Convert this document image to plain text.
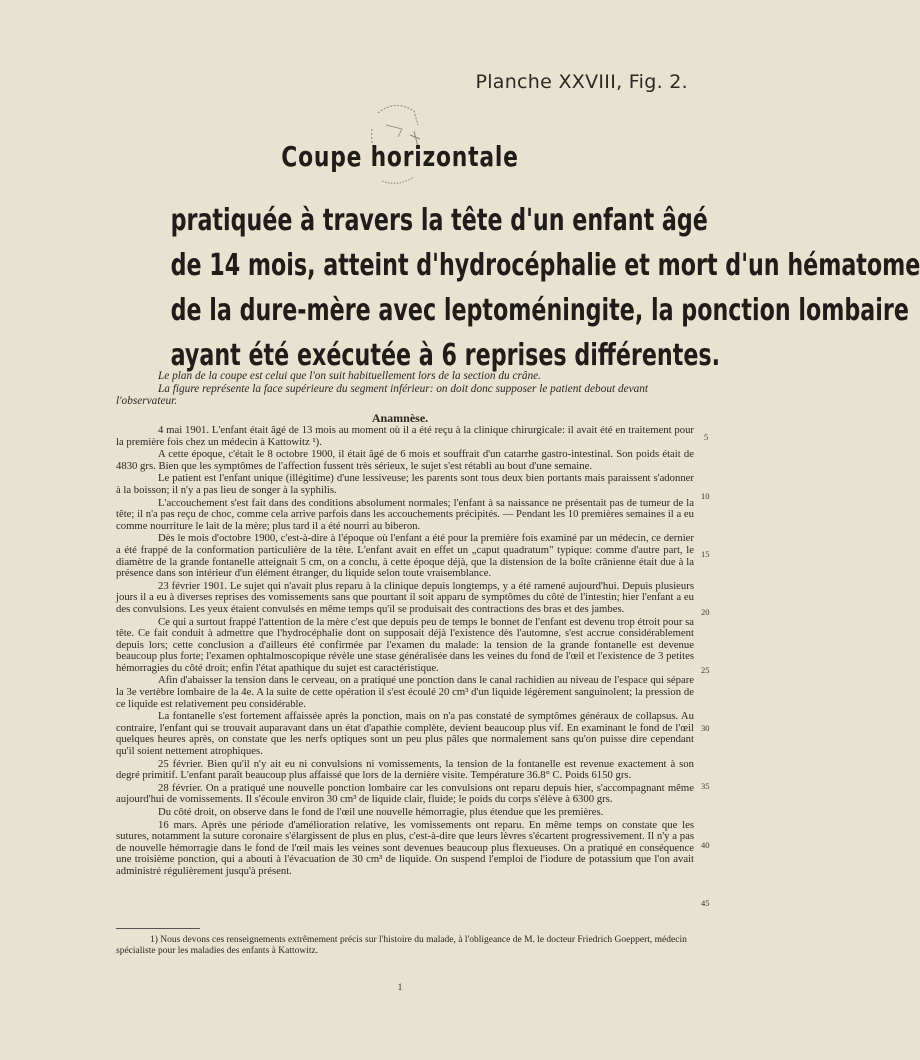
Planche XXVIII, Fig. 2.
Coupe horizontale
pratiquée à travers la tête d'un enfant âgé
de 14 mois, atteint d'hydrocéphalie et mort d'un hématome
de la dure-mère avec leptoméningite, la ponction lombaire
ayant été exécutée à 6 reprises différentes.

Le plan de la coupe est celui que l'on suit habituellement lors de la section du crâne.

La figure représente la face supérieure du segment inférieur: on doit donc supposer le patient debout devant l'observateur.

Anamnèse.

4 mai 1901. L'enfant était âgé de 13 mois au moment où il a été reçu à la clinique chirurgicale: il avait été en traitement pour la première fois chez un médecin à Kattowitz ¹).

A cette époque, c'était le 8 octobre 1900, il était âgé de 6 mois et souffrait d'un catarrhe gastro-intestinal. Son poids était de 4830 grs. Bien que les symptômes de l'affection fussent très sérieux, le sujet s'est rétabli au bout d'une semaine.

Le patient est l'enfant unique (illégitime) d'une lessiveuse; les parents sont tous deux bien portants mais paraissent s'adonner à la boisson; il n'y a pas lieu de songer à la syphilis.

L'accouchement s'est fait dans des conditions absolument normales; l'enfant à sa naissance ne présentait pas de tumeur de la tête; il n'a pas reçu de choc, comme cela arrive parfois dans les accouchements précipités. — Pendant les 10 premières semaines il a eu comme nourriture le lait de la mère; plus tard il a été nourri au biberon.

Dès le mois d'octobre 1900, c'est-à-dire à l'époque où l'enfant a été pour la première fois examiné par un médecin, ce dernier a été frappé de la conformation particulière de la tête. L'enfant avait en effet un „caput quadratum" typique: comme d'autre part, le diamètre de la grande fontanelle atteignait 5 cm, on a conclu, à cette époque déjà, que la distension de la boîte crânienne était due à la présence dans son intérieur d'un élément étranger, du liquide selon toute vraisemblance.

23 février 1901. Le sujet qui n'avait plus reparu à la clinique depuis longtemps, y a été ramené aujourd'hui. Depuis plusieurs jours il a eu à diverses reprises des vomissements sans que pourtant il soit apparu de symptômes du côté de l'intestin; hier l'enfant a eu des convulsions. Les yeux étaient convulsés en même temps qu'il se produisait des contractions des bras et des jambes.

Ce qui a surtout frappé l'attention de la mère c'est que depuis peu de temps le bonnet de l'enfant est devenu trop étroit pour sa tête. Ce fait conduit à admettre que l'hydrocéphalie dont on supposait déjà l'existence dès l'automne, s'est accrue considérablement depuis lors; cette conclusion a d'ailleurs été confirmée par l'examen du malade: la tension de la grande fontanelle est devenue beaucoup plus forte; l'examen ophtalmoscopique révèle une stase généralisée dans les veines du fond de l'œil et l'existence de 3 petites hémorragies du côté droit; enfin l'état apathique du sujet est caractéristique.

Afin d'abaisser la tension dans le cerveau, on a pratiqué une ponction dans le canal rachidien au niveau de l'espace qui sépare la 3e vertèbre lombaire de la 4e. A la suite de cette opération il s'est écoulé 20 cm³ d'un liquide légèrement sanguinolent; la pression de ce liquide est relativement peu considérable.

La fontanelle s'est fortement affaissée après la ponction, mais on n'a pas constaté de symptômes généraux de collapsus. Au contraire, l'enfant qui se trouvait auparavant dans un état d'apathie complète, devient beaucoup plus vif. En examinant le fond de l'œil quelques heures après, on constate que les nerfs optiques sont un peu plus pâles que normalement sans qu'on puisse dire cependant qu'il soient nettement atrophiques.

25 février. Bien qu'il n'y ait eu ni convulsions ni vomissements, la tension de la fontanelle est revenue exactement à son degré primitif. L'enfant paraît beaucoup plus affaissé que lors de la dernière visite. Température 36.8° C. Poids 6150 grs.

28 février. On a pratiqué une nouvelle ponction lombaire car les convulsions ont reparu depuis hier, s'accompagnant même aujourd'hui de vomissements. Il s'écoule environ 30 cm³ de liquide clair, fluide; le poids du corps s'élève à 6300 grs.

Du côté droit, on observe dans le fond de l'œil une nouvelle hémorragie, plus étendue que les premières.

16 mars. Après une période d'amélioration relative, les vomissements ont reparu. En même temps on constate que les sutures, notamment la suture coronaire s'élargissent de plus en plus, c'est-à-dire que leurs lèvres s'écartent progressivement. Il n'y a pas de nouvelle hémorragie dans le fond de l'œil mais les veines sont devenues beaucoup plus flexueuses. On a pratiqué en conséquence une troisième ponction, qui a abouti à l'évacuation de 30 cm³ de liquide. On suspend l'emploi de l'iodure de potassium que l'on avait administré régulièrement jusqu'à présent.

5
10
15
20
25
30
35
40
45

1) Nous devons ces renseignements extrêmement précis sur l'histoire du malade, à l'obligeance de M. le docteur Friedrich Goeppert, médecin spécialiste pour les maladies des enfants à Kattowitz.

1
